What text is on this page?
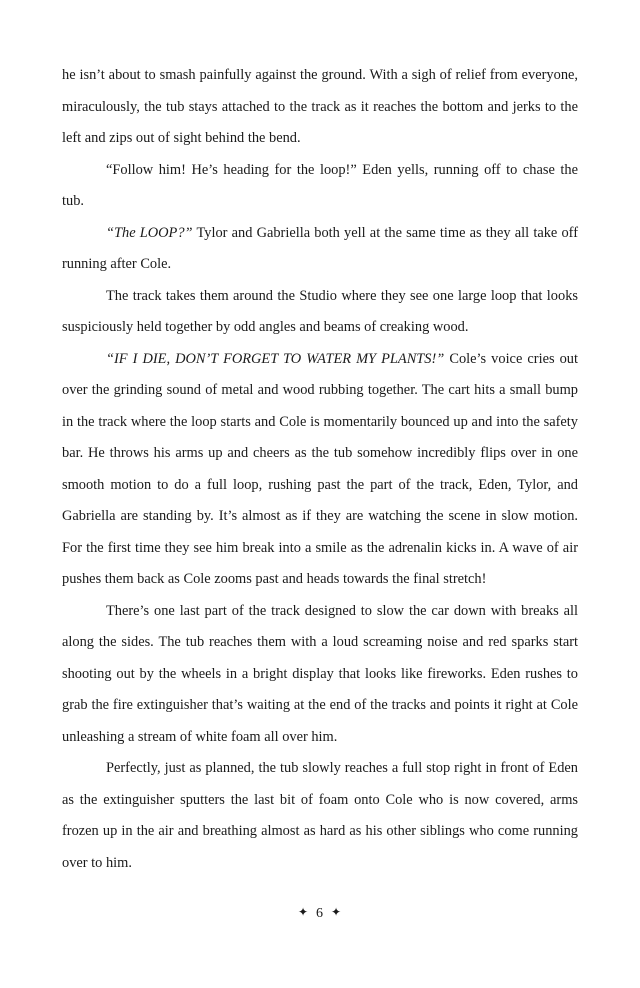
he isn’t about to smash painfully against the ground. With a sigh of relief from everyone, miraculously, the tub stays attached to the track as it reaches the bottom and jerks to the left and zips out of sight behind the bend.

“Follow him! He’s heading for the loop!” Eden yells, running off to chase the tub.

“The LOOP?” Tylor and Gabriella both yell at the same time as they all take off running after Cole.

The track takes them around the Studio where they see one large loop that looks suspiciously held together by odd angles and beams of creaking wood.

“IF I DIE, DON’T FORGET TO WATER MY PLANTS!” Cole’s voice cries out over the grinding sound of metal and wood rubbing together. The cart hits a small bump in the track where the loop starts and Cole is momentarily bounced up and into the safety bar. He throws his arms up and cheers as the tub somehow incredibly flips over in one smooth motion to do a full loop, rushing past the part of the track, Eden, Tylor, and Gabriella are standing by. It’s almost as if they are watching the scene in slow motion. For the first time they see him break into a smile as the adrenalin kicks in. A wave of air pushes them back as Cole zooms past and heads towards the final stretch!

There’s one last part of the track designed to slow the car down with breaks all along the sides. The tub reaches them with a loud screaming noise and red sparks start shooting out by the wheels in a bright display that looks like fireworks. Eden rushes to grab the fire extinguisher that’s waiting at the end of the tracks and points it right at Cole unleashing a stream of white foam all over him.

Perfectly, just as planned, the tub slowly reaches a full stop right in front of Eden as the extinguisher sputters the last bit of foam onto Cole who is now covered, arms frozen up in the air and breathing almost as hard as his other siblings who come running over to him.

✦ 6 ✦
